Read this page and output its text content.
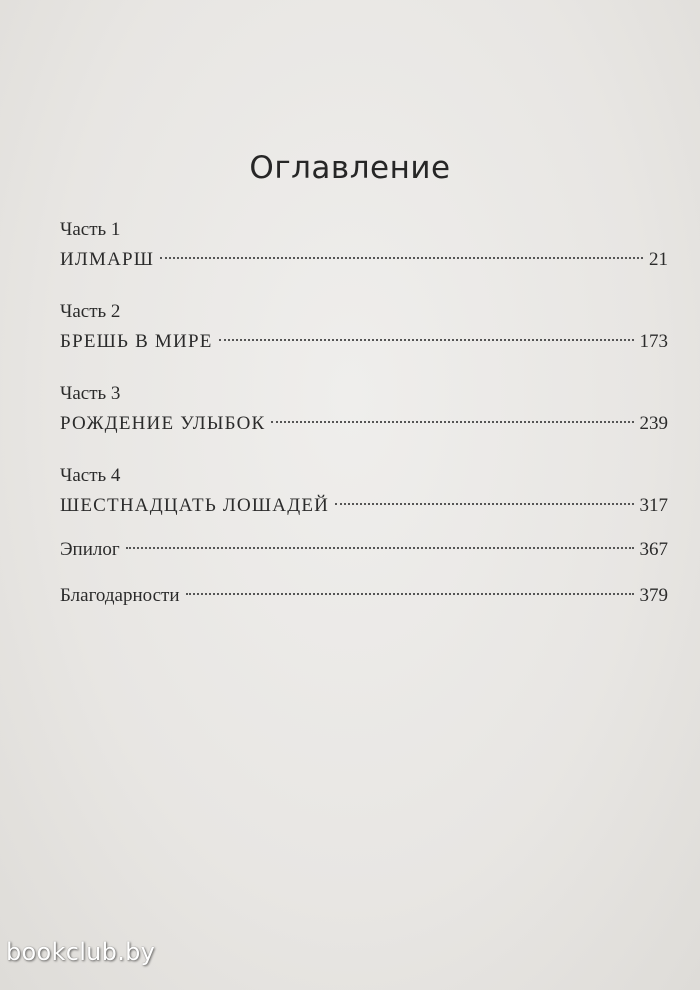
Оглавление
Часть 1
ИЛМАРШ	21
Часть 2
БРЕШЬ В МИРЕ	173
Часть 3
РОЖДЕНИЕ УЛЫБОК	239
Часть 4
ШЕСТНАДЦАТЬ ЛОШАДЕЙ	317
Эпилог	367
Благодарности	379
bookclub.by
